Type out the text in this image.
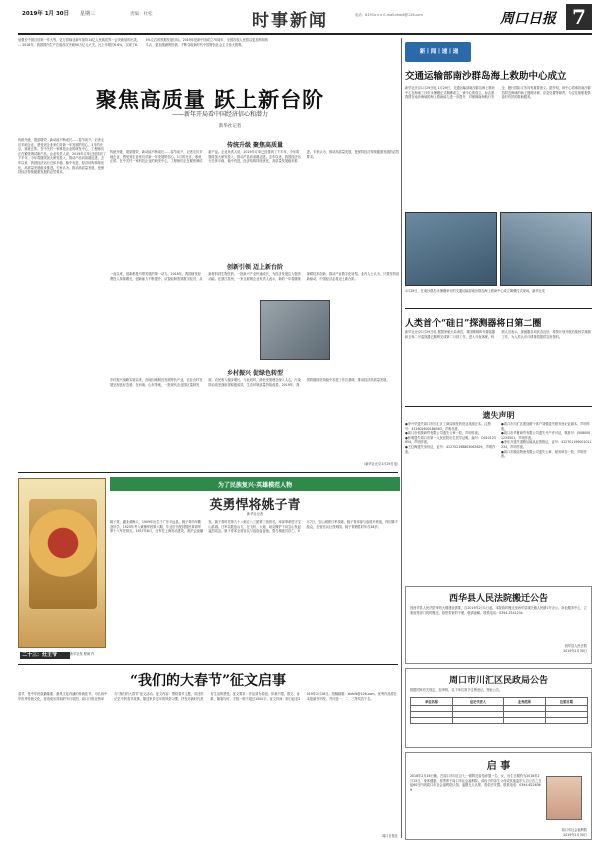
2019年 1月 30日 星期三	责编：杜松	时事新闻	电话：8193××× E-mail:zkrb6@126.com	周口日报 7
加强长中国自信第一作大等，亿万将轴业新年加持14亿人民族居界一会决新加的出笑。 … 2018年，我国国内生产总值首次突破90万亿元大关，比上年增长6.6%，实现了6.5%左右的预期发展目标。2019年是新中国成立70周年，全国各族人民将以更加昂扬的斗志、更加饱满的热情，不断夺取新时代中国特色社会主义伟大胜利。
聚焦高质量 跃上新台阶
——新年开局看中国经济信心和潜力
新华社记者
传统升级、提质增效、新动能不断成长……春节前夕，记者走访多地企业，感受到企业家们对新一年发展的信心。1月的北京，寒意正浓。在中关村一家科技企业的研发中心，工程师们正在紧张调试新产品。企业负责人说，2019年订单已经排到了下半年，今年将继续加大研发投入，推动产品向高端迈进。去年以来，我国经济运行总体平稳、稳中有进，经济结构持续优化，高质量发展稳步推进。专家认为，推动高质量发展，是保持经济持续健康发展的必然要求。
传统升级 聚焦高质量
传统升级、提质增效、新动能不断成长……春节前夕，记者走访多地企业，感受到企业家们对新一年发展的信心。1月的北京，寒意正浓。在中关村一家科技企业的研发中心，工程师们正在紧张调试新产品。企业负责人说，2019年订单已经排到了下半年，今年将继续加大研发投入，推动产品向高端迈进。去年以来，我国经济运行总体平稳、稳中有进，经济结构持续优化，高质量发展稳步推进。专家认为，推动高质量发展，是保持经济持续健康发展的必然要求。
创新引领 迈上新台阶
一直以来，创新都是引领发展的第一动力。2018年，我国研发经费投入持续增长，创新能力不断提升。从智能制造到数字经济，从新材料到生物医药，一批新兴产业快速成长，为经济发展注入强劲动能。在浙江杭州，一家互联网企业负责人表示，新的一年将继续深耕技术创新，推动产业数字化转型。业内人士认为，只要坚持创新驱动，中国经济必将迈上新台阶。
乡村振兴 促绿色转型
乡村振兴战略实施以来，各地因地制宜发展特色产业，农业农村发展呈现良好态势。在河南、山东等地，一批现代农业园区蓬勃发展，农民收入稳步增长。与此同时，绿色发展理念深入人心，污染防治攻坚战取得积极成效，生态环境质量持续改善。2019年，我国将继续坚持稳中求进工作总基调，推动经济高质量发展。
（新华社北京1月29日电）
新丨闻丨速丨递
交通运输部南沙群岛海上救助中心成立
新华社北京1月29日电 1月29日，交通运输部南沙群岛海上救助中心在海南三沙市永暑礁正式揭牌成立。该中心的成立，标志着我国在南沙海域的海上救助能力进一步提升，对保障南海航行安全、履行国际义务具有重要意义。据介绍，该中心将承担南沙群岛附近海域的海上搜救协调、应急处置等职责，为过往船舶提供及时有效的救助服务。
1月29日，在南沙群岛永暑礁举行的交通运输部南沙群岛海上救助中心成立揭牌仪式现场。新华社发
人类首个“硅日”探测器将日第二圈
新华社北京1月29日电 据国家航天局消息，我国嫦娥四号着陆器和玉兔二号巡视器已顺利完成第二月昼工作，进入月夜休眠。科研人员表示，探测器各项状态良好，将按计划开展后续科学探测工作，为人类认识月球背面提供宝贵资料。
遗失声明
●李兴华遗失周口市川汇区工商局颁发的营业执照正本，注册号：411602600186563，声明作废。
●周口市恒源商贸有限公司遗失公章一枚，声明作废。
●张明遗失周口市第一人民医院出生医学证明，编号：O410123654，声明作废。
●王红梅遗失身份证，证号：412702198805063629，声明作废。
●周口市川汇区建设路个体户刘强遗失税务登记证副本，声明作废。
●周口市华夏商贸有限公司遗失开户许可证，核准号：J5080001234501，声明作废。
●李东升遗失道路运输从业资格证，证号：412701199001011234，声明作废。
●周口市顺达物流有限公司遗失公章、财务章各一枚，声明作废。
西华县人民法院搬迁公告
因西华县人民法院审判大楼建设需要，自2019年2月1日起，本院临时搬迁至西华县城关镇人民路1号办公。诉讼服务中心、立案庭等部门同时搬迁。给您带来的不便，敬请谅解。联系电话：0394-2541234
西华县人民法院
2019年1月30日
周口市川汇区民政局公告
根据国家有关规定，经审核，以下单位准予注销登记，特此公告。
单位名称	法定代表人	业务范围	注销日期

为了民族复兴·英雄模范人物
英勇悍将姚子青
新华社记者
姚子青，湖北黄梅人，1909年出生于广东平远县。姚子青幼年勤奋好学，1925年考入黄埔军校第六期，毕业后分配到国民革命军第十八军任排长。1937年8月，日军在上海发动进攻，淞沪会战爆发。姚子青时任第九十八师五八三团第三营营长，率部奉命驻守宝山县城。日军以数倍兵力，在飞机、大炮、坦克掩护下向宝山发起猛烈攻击。姚子青率全营官兵与敌浴血奋战，誓与城池共存亡。9月7日，宝山城被日军攻破，姚子青率部与敌展开巷战，终因寡不敌众，全营官兵壮烈殉国，姚子青牺牲时年仅28岁。
二十三：灶王爷	新华社发 程硕 作
“我们的大春节”征文启事
春节，是中华民族最隆重、最具文化内涵的传统佳节。为弘扬中华优秀传统文化，营造欢乐祥和的节日氛围，周口日报社特举办“我们的大春节”征文活动。征文内容：围绕春节主题，讲述你记忆中的春节故事，描述家乡过年的风俗习惯，抒发对新时代美好生活的感受。征文要求：作品须为原创，体裁不限，散文、诗歌、随笔均可，字数一般不超过1500字。征文时间：即日起至2019年2月28日。投稿邮箱：zkrbfk@126.com。优秀作品将在本报副刊刊发，并评选一、二、三等奖若干名。
周口日报社
启 事
2018年2月16日晚，在周口市川汇区七一路附近捡拾弃婴一名，女，出生日期约为2018年2月15日，身体健康。现寄养于周口市社会福利院。请孩子的亲生父母或其他监护人自公告之日起60日内到周口市社会福利院认领。逾期无人认领，将依法安置。联系电话：0394-6226369
周口市社会福利院
2019年1月30日
